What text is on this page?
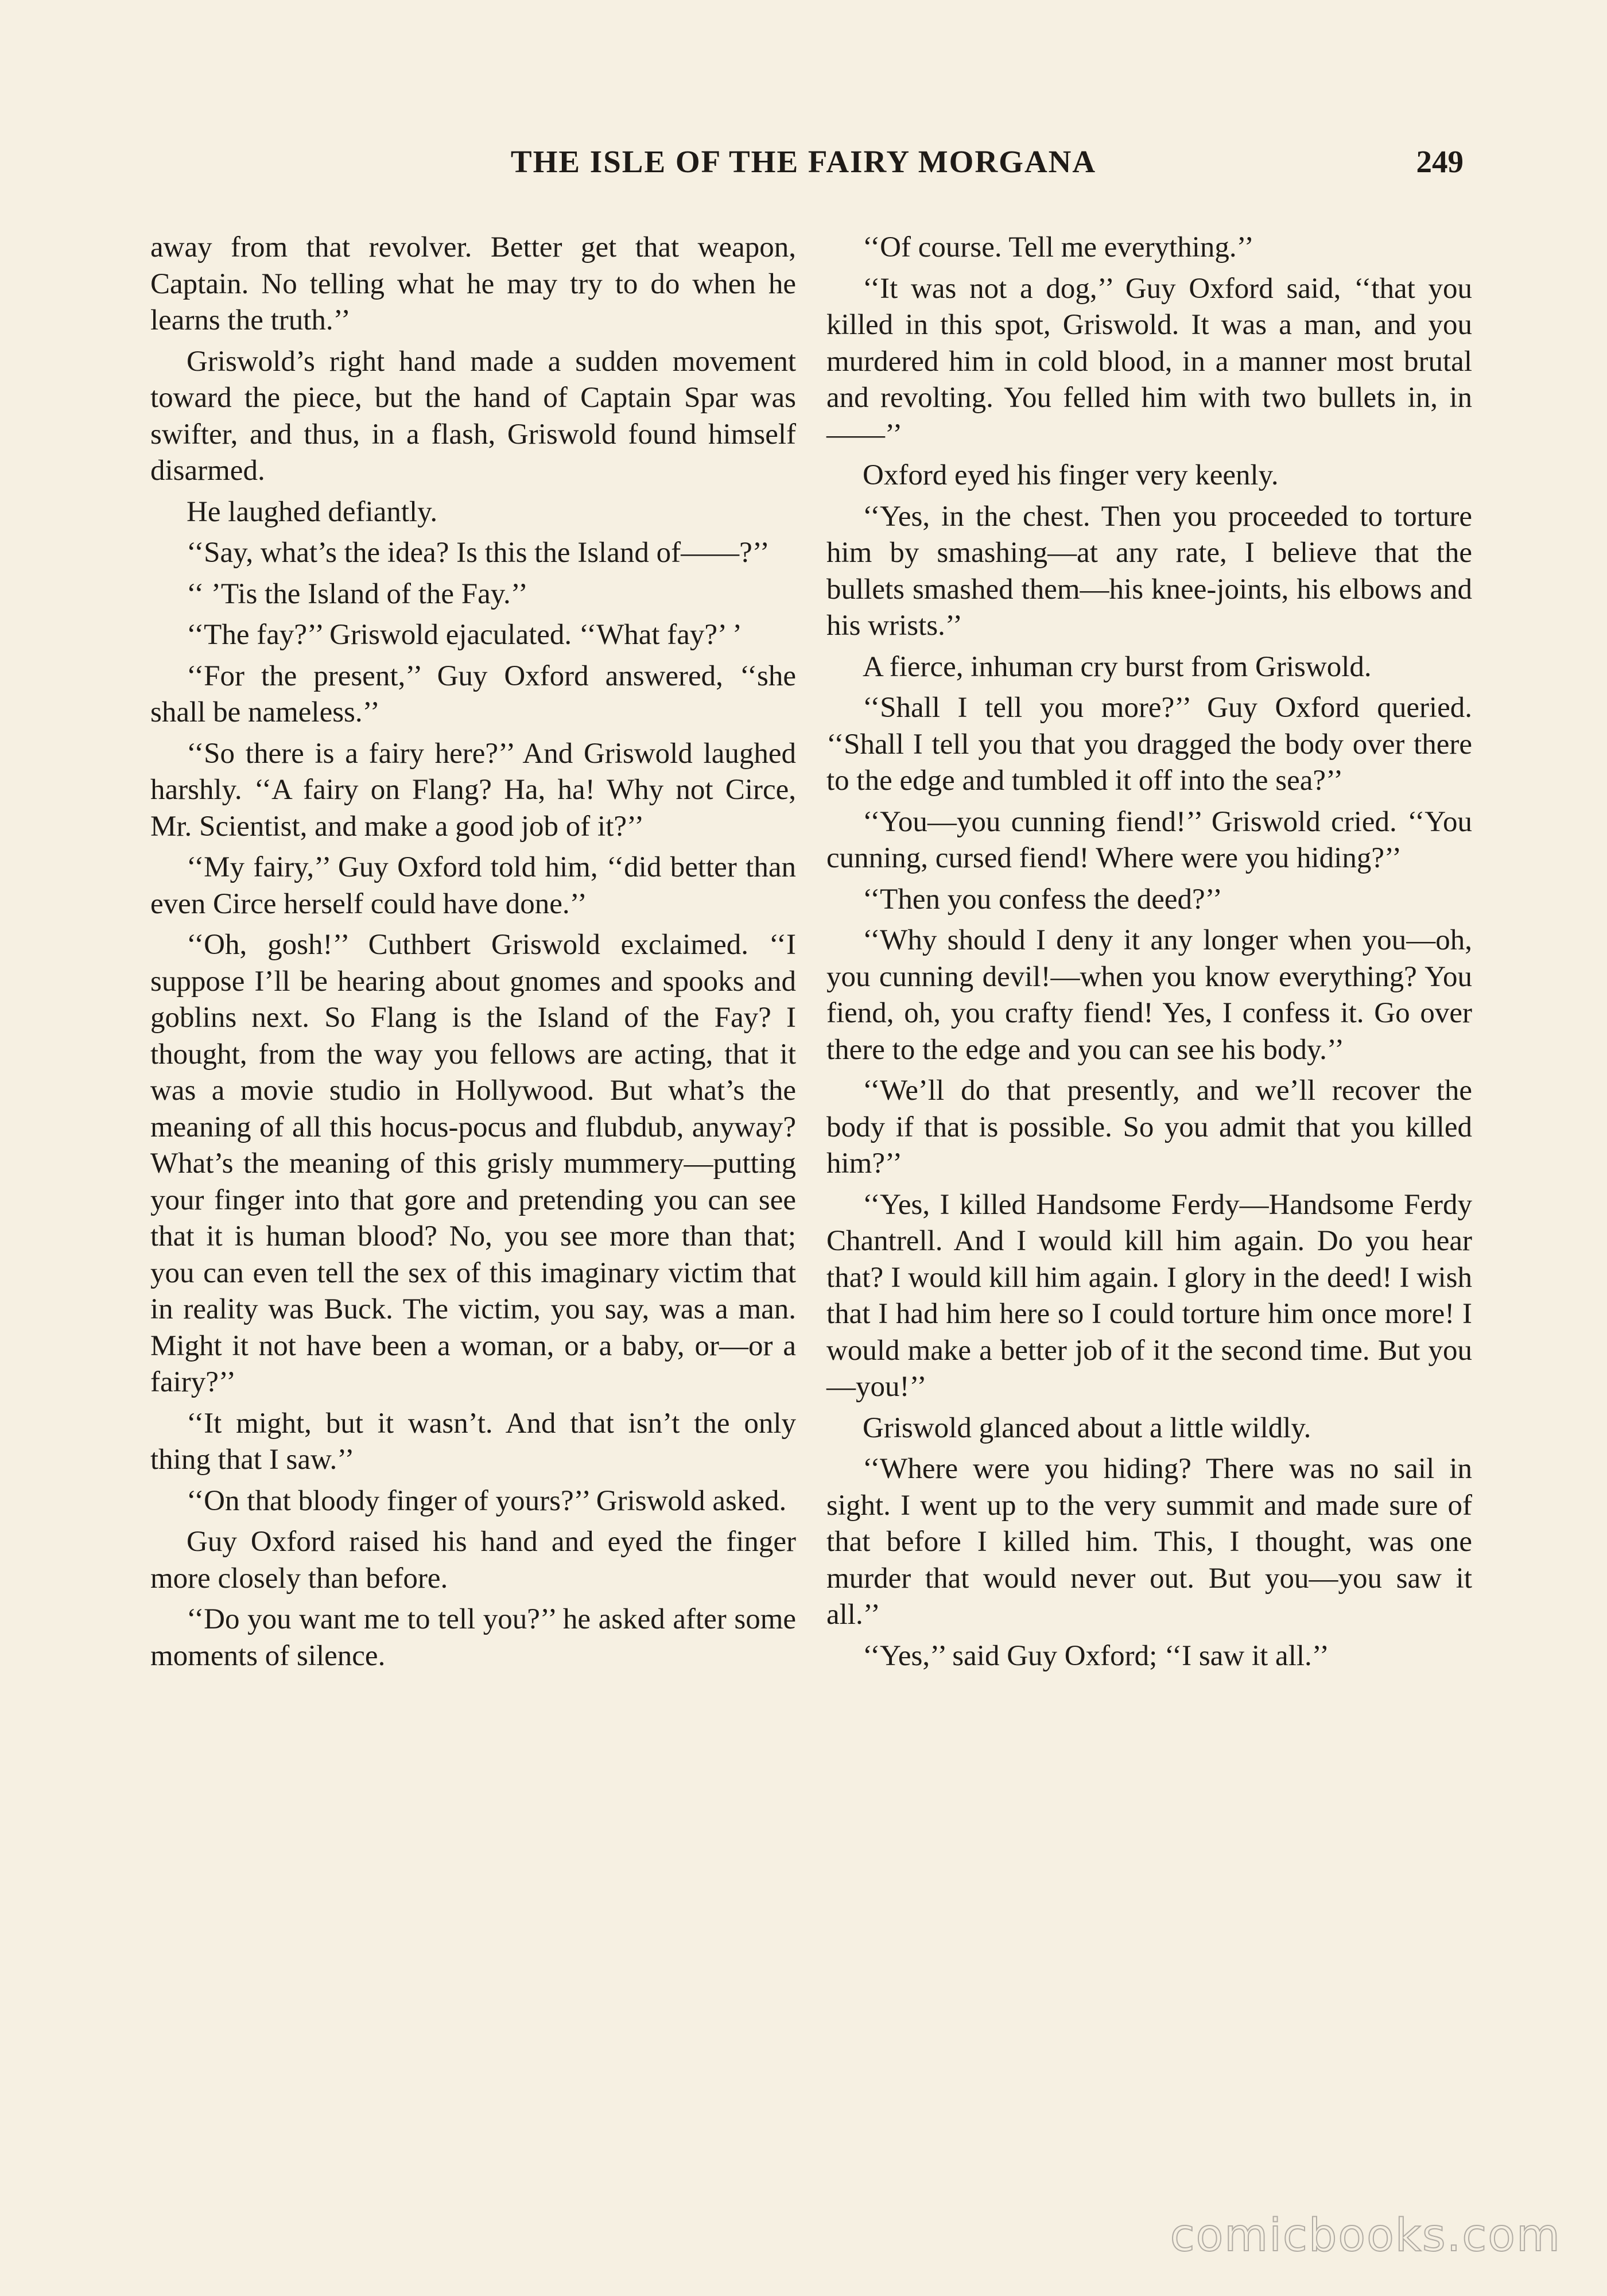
THE ISLE OF THE FAIRY MORGANA	249

away from that revolver. Better get that weapon, Captain. No telling what he may try to do when he learns the truth.’’

Griswold’s right hand made a sudden movement toward the piece, but the hand of Captain Spar was swifter, and thus, in a flash, Griswold found himself disarmed.

He laughed defiantly.

‘‘Say, what’s the idea? Is this the Island of——?’’

‘‘ ’Tis the Island of the Fay.’’

‘‘The fay?’’ Griswold ejaculated. ‘‘What fay?’ ’

‘‘For the present,’’ Guy Oxford answered, ‘‘she shall be nameless.’’

‘‘So there is a fairy here?’’ And Griswold laughed harshly. ‘‘A fairy on Flang? Ha, ha! Why not Circe, Mr. Scientist, and make a good job of it?’’

‘‘My fairy,’’ Guy Oxford told him, ‘‘did better than even Circe herself could have done.’’

‘‘Oh, gosh!’’ Cuthbert Griswold exclaimed. ‘‘I suppose I’ll be hearing about gnomes and spooks and goblins next. So Flang is the Island of the Fay? I thought, from the way you fellows are acting, that it was a movie studio in Hollywood. But what’s the meaning of all this hocus-pocus and flubdub, anyway? What’s the meaning of this grisly mummery—putting your finger into that gore and pretending you can see that it is human blood? No, you see more than that; you can even tell the sex of this imaginary victim that in reality was Buck. The victim, you say, was a man. Might it not have been a woman, or a baby, or—or a fairy?’’

‘‘It might, but it wasn’t. And that isn’t the only thing that I saw.’’

‘‘On that bloody finger of yours?’’ Griswold asked.

Guy Oxford raised his hand and eyed the finger more closely than before.

‘‘Do you want me to tell you?’’ he asked after some moments of silence.

‘‘Of course. Tell me everything.’’

‘‘It was not a dog,’’ Guy Oxford said, ‘‘that you killed in this spot, Griswold. It was a man, and you murdered him in cold blood, in a manner most brutal and revolting. You felled him with two bullets in, in——’’

Oxford eyed his finger very keenly.

‘‘Yes, in the chest. Then you proceeded to torture him by smashing—at any rate, I believe that the bullets smashed them—his knee-joints, his elbows and his wrists.’’

A fierce, inhuman cry burst from Griswold.

‘‘Shall I tell you more?’’ Guy Oxford queried. ‘‘Shall I tell you that you dragged the body over there to the edge and tumbled it off into the sea?’’

‘‘You—you cunning fiend!’’ Griswold cried. ‘‘You cunning, cursed fiend! Where were you hiding?’’

‘‘Then you confess the deed?’’

‘‘Why should I deny it any longer when you—oh, you cunning devil!—when you know everything? You fiend, oh, you crafty fiend! Yes, I confess it. Go over there to the edge and you can see his body.’’

‘‘We’ll do that presently, and we’ll recover the body if that is possible. So you admit that you killed him?’’

‘‘Yes, I killed Handsome Ferdy—Handsome Ferdy Chantrell. And I would kill him again. Do you hear that? I would kill him again. I glory in the deed! I wish that I had him here so I could torture him once more! I would make a better job of it the second time. But you—you!’’

Griswold glanced about a little wildly.

‘‘Where were you hiding? There was no sail in sight. I went up to the very summit and made sure of that before I killed him. This, I thought, was one murder that would never out. But you—you saw it all.’’

‘‘Yes,’’ said Guy Oxford; ‘‘I saw it all.’’

comicbooks.com
